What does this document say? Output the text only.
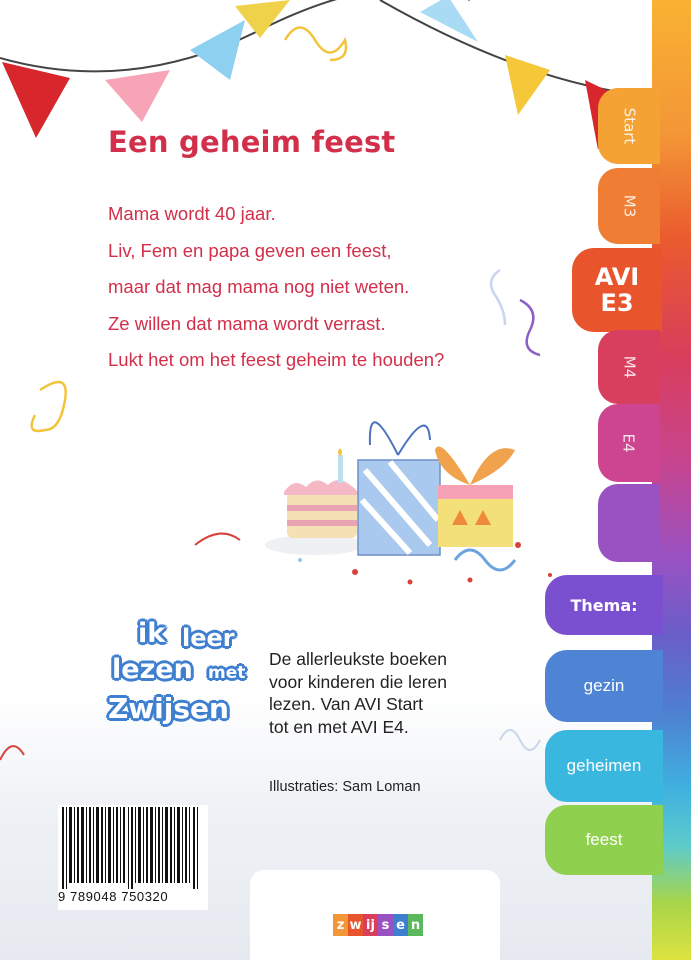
Een geheim feest
Mama wordt 40 jaar.
Liv, Fem en papa geven een feest,
maar dat mag mama nog niet weten.
Ze willen dat mama wordt verrast.
Lukt het om het feest geheim te houden?
ik leer
lezen met
Zwijsen

De allerleukste boeken
voor kinderen die leren
lezen. Van AVI Start
tot en met AVI E4.

Illustraties: Sam Loman
9 789048 750320
z w ij s e n
Start
M3
AVI
E3
M4
E4
Thema:
gezin
geheimen
feest
